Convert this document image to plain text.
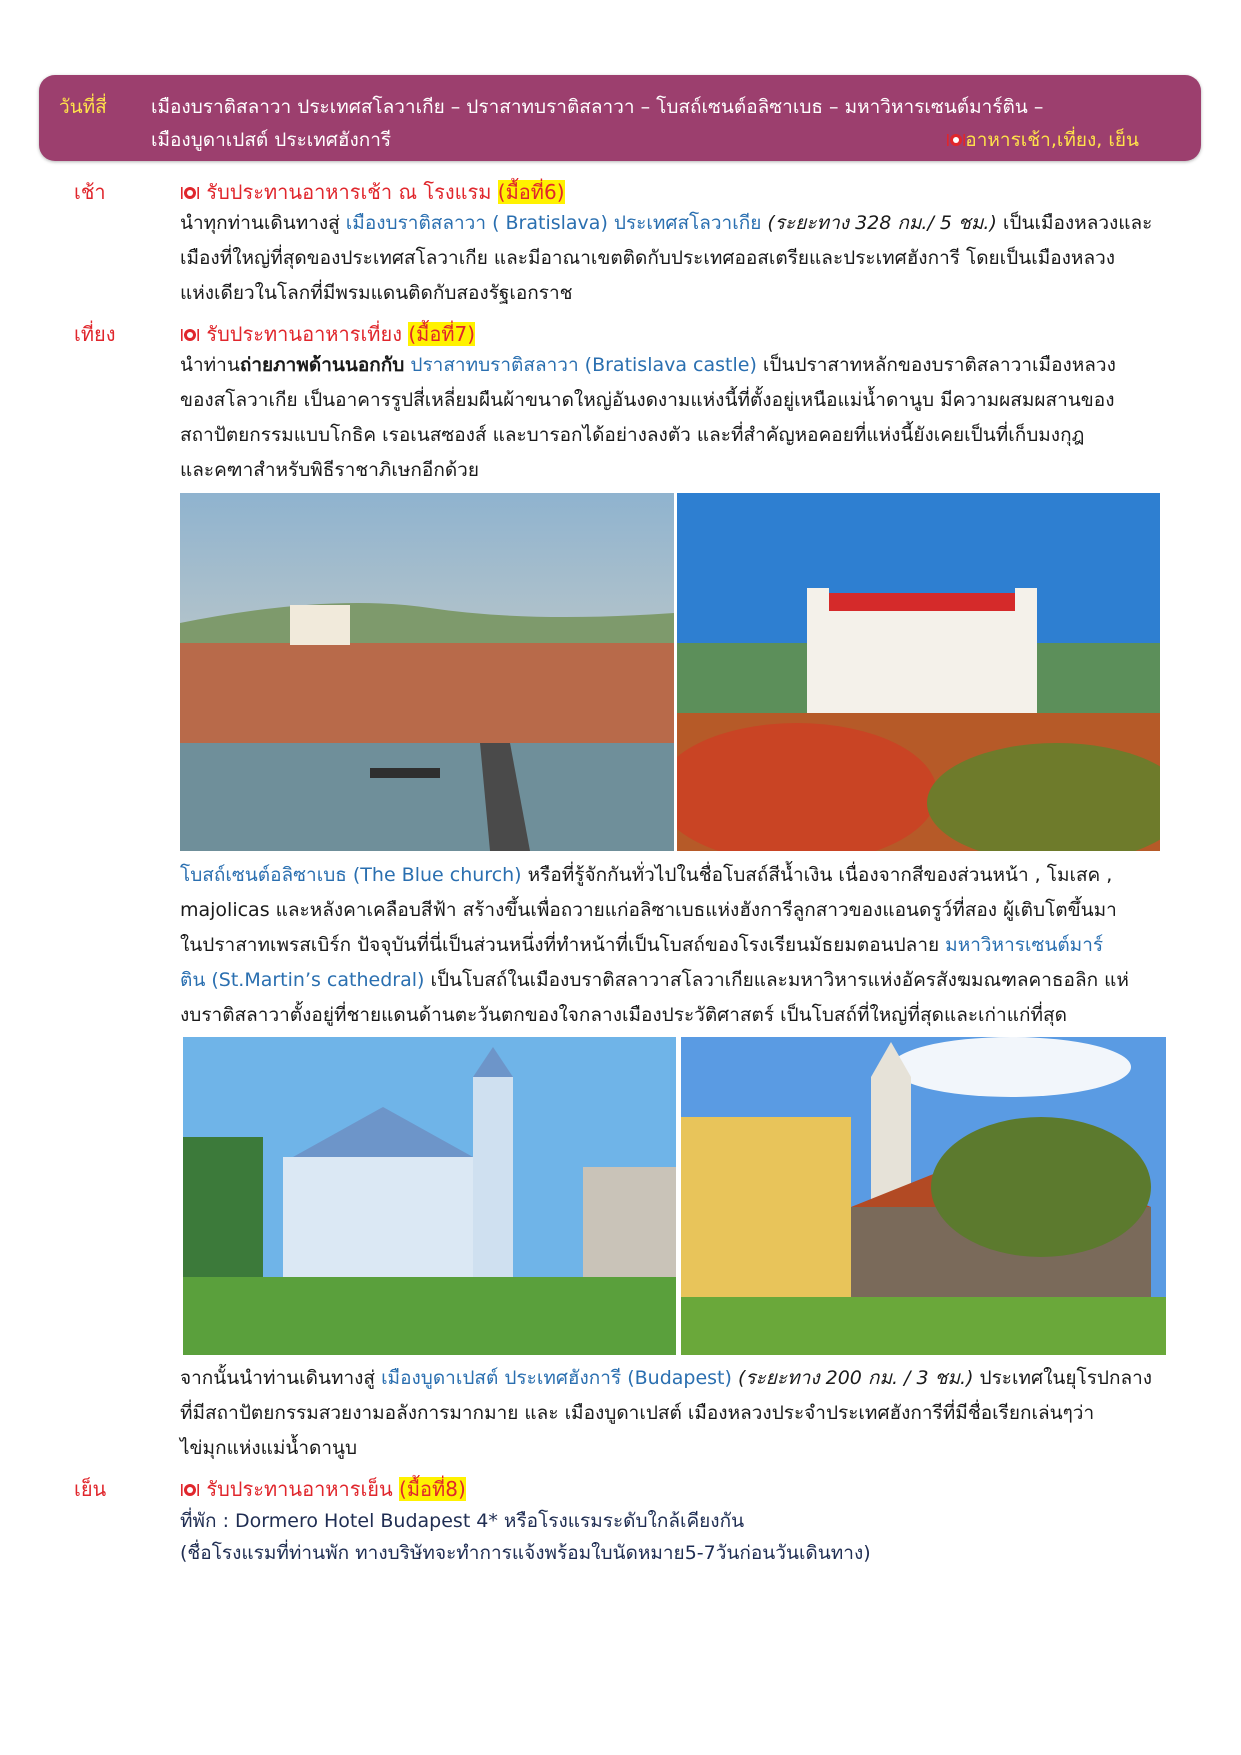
วันที่สี่ เมืองบราติสลาวา ประเทศสโลวาเกีย – ปราสาทบราติสลาวา – โบสถ์เซนต์อลิซาเบธ – มหาวิหารเซนต์มาร์ติน –
เมืองบูดาเปสต์ ประเทศฮังการี	อาหารเช้า,เที่ยง, เย็น
เช้า	รับประทานอาหารเช้า ณ โรงแรม (มื้อที่6)
นำทุกท่านเดินทางสู่ เมืองบราติสลาวา ( Bratislava) ประเทศสโลวาเกีย (ระยะทาง 328 กม./ 5 ชม.) เป็นเมืองหลวงและ
เมืองที่ใหญ่ที่สุดของประเทศสโลวาเกีย และมีอาณาเขตติดกับประเทศออสเตรียและประเทศฮังการี โดยเป็นเมืองหลวง
แห่งเดียวในโลกที่มีพรมแดนติดกับสองรัฐเอกราช
เที่ยง	รับประทานอาหารเที่ยง (มื้อที่7)
นำท่านถ่ายภาพด้านนอกกับ ปราสาทบราติสลาวา (Bratislava castle) เป็นปราสาทหลักของบราติสลาวาเมืองหลวง
ของสโลวาเกีย เป็นอาคารรูปสี่เหลี่ยมผืนผ้าขนาดใหญ่อันงดงามแห่งนี้ที่ตั้งอยู่เหนือแม่น้ำดานูบ มีความผสมผสานของ
สถาปัตยกรรมแบบโกธิค เรอเนสซองส์ และบารอกได้อย่างลงตัว และที่สำคัญหอคอยที่แห่งนี้ยังเคยเป็นที่เก็บมงกุฎ
และคฑาสำหรับพิธีราชาภิเษกอีกด้วย
โบสถ์เซนต์อลิซาเบธ (The Blue church) หรือที่รู้จักกันทั่วไปในชื่อโบสถ์สีน้ำเงิน เนื่องจากสีของส่วนหน้า , โมเสค ,
majolicas และหลังคาเคลือบสีฟ้า สร้างขึ้นเพื่อถวายแก่อลิซาเบธแห่งฮังการีลูกสาวของแอนดรูว์ที่สอง ผู้เติบโตขึ้นมา
ในปราสาทเพรสเบิร์ก ปัจจุบันที่นี่เป็นส่วนหนึ่งที่ทำหน้าที่เป็นโบสถ์ของโรงเรียนมัธยมตอนปลาย มหาวิหารเซนต์มาร์
ติน (St.Martin’s cathedral) เป็นโบสถ์ในเมืองบราติสลาวาสโลวาเกียและมหาวิหารแห่งอัครสังฆมณฑลคาธอลิก แห่
งบราติสลาวาตั้งอยู่ที่ชายแดนด้านตะวันตกของใจกลางเมืองประวัติศาสตร์ เป็นโบสถ์ที่ใหญ่ที่สุดและเก่าแก่ที่สุด
จากนั้นนำท่านเดินทางสู่ เมืองบูดาเปสต์ ประเทศฮังการี (Budapest) (ระยะทาง 200 กม. / 3 ชม.) ประเทศในยุโรปกลาง
ที่มีสถาปัตยกรรมสวยงามอลังการมากมาย และ เมืองบูดาเปสต์ เมืองหลวงประจำประเทศฮังการีที่มีชื่อเรียกเล่นๆว่า
ไข่มุกแห่งแม่น้ำดานูบ
เย็น	รับประทานอาหารเย็น (มื้อที่8)
ที่พัก : Dormero Hotel Budapest 4* หรือโรงแรมระดับใกล้เคียงกัน
(ชื่อโรงแรมที่ท่านพัก ทางบริษัทจะทำการแจ้งพร้อมใบนัดหมาย5-7วันก่อนวันเดินทาง)
